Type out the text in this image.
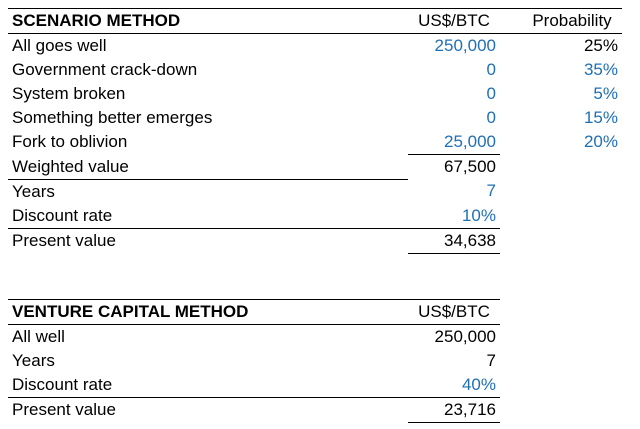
SCENARIO METHOD	US$/BTC		Probability
All goes well	250,000		25%
Government crack-down	0		35%
System broken	0		5%
Something better emerges	0		15%
Fork to oblivion	25,000		20%
Weighted value	67,500		
Years	7		
Discount rate	10%		
Present value	34,638		
VENTURE CAPITAL METHOD	US$/BTC
All well	250,000
Years	7
Discount rate	40%
Present value	23,716
